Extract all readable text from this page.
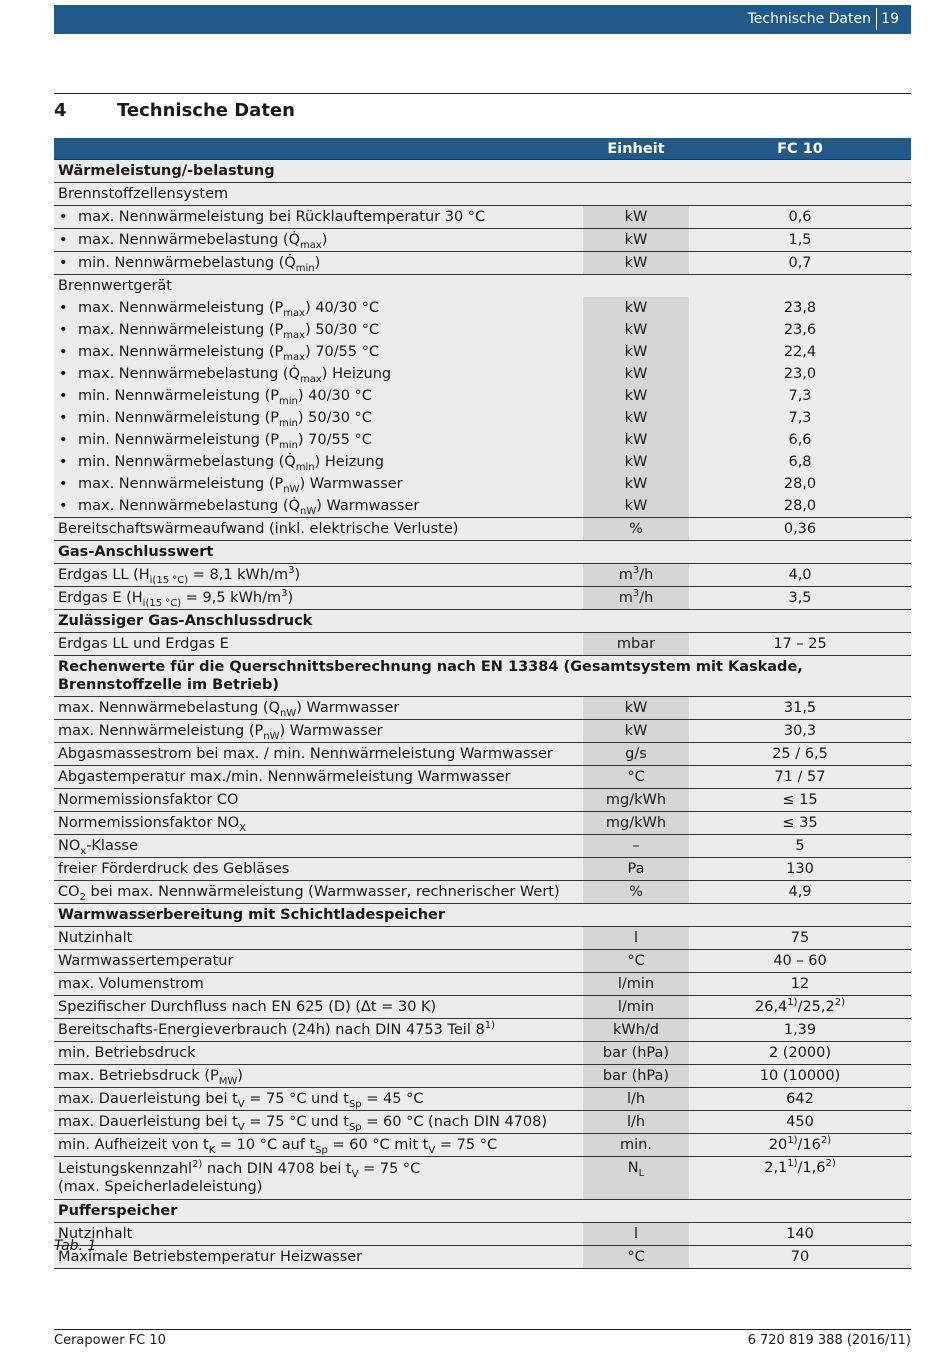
Technische Daten 19
4	Technische Daten
	Einheit	FC 10
Wärmeleistung/-belastung		
Brennstoffzellensystem		
• max. Nennwärmeleistung bei Rücklauftemperatur 30 °C	kW	0,6
• max. Nennwärmebelastung $(Q̇_{max})$	kW	1,5
• min. Nennwärmebelastung $(Q̇_{min})$	kW	0,7
Brennwertgerät		
• max. Nennwärmeleistung $(P_{max})$ 40/30 °C	kW	23,8
• max. Nennwärmeleistung $(P_{max})$ 50/30 °C	kW	23,6
• max. Nennwärmeleistung $(P_{max})$ 70/55 °C	kW	22,4
• max. Nennwärmebelastung $(Q̇_{max})$ Heizung	kW	23,0
• min. Nennwärmeleistung $(P_{min})$ 40/30 °C	kW	7,3
• min. Nennwärmeleistung $(P_{min})$ 50/30 °C	kW	7,3
• min. Nennwärmeleistung $(P_{min})$ 70/55 °C	kW	6,6
• min. Nennwärmebelastung $(Q̇_{min})$ Heizung	kW	6,8
• max. Nennwärmeleistung $(P_{nW})$ Warmwasser	kW	28,0
• max. Nennwärmebelastung $(Q̇_{nW})$ Warmwasser	kW	28,0
Bereitschaftswärmeaufwand (inkl. elektrische Verluste)	%	0,36
Gas-Anschlusswert		
Erdgas LL ($H_{i(15 ^\circ C)} = 8,1$ kWh/$m^3$)	$m^3/h$	4,0
Erdgas E ($H_{i(15 ^\circ C)} = 9,5$ kWh/$m^3$)	$m^3/h$	3,5
Zulässiger Gas-Anschlussdruck		
Erdgas LL und Erdgas E	mbar	17 – 25
Rechenwerte für die Querschnittsberechnung nach EN 13384 (Gesamtsystem mit Kaskade, Brennstoffzelle im Betrieb)		
max. Nennwärmebelastung $(Q_{nW})$ Warmwasser	kW	31,5
max. Nennwärmeleistung $(P_{nW})$ Warmwasser	kW	30,3
Abgasmassestrom bei max. / min. Nennwärmeleistung Warmwasser	g/s	25 / 6,5
Abgastemperatur max./min. Nennwärmeleistung Warmwasser	°C	71 / 57
Normemissionsfaktor CO	mg/kWh	≤ 15
Normemissionsfaktor $NO_X$	mg/kWh	≤ 35
$NO_x$-Klasse	–	5
freier Förderdruck des Gebläses	Pa	130
$CO_2$ bei max. Nennwärmeleistung (Warmwasser, rechnerischer Wert)	%	4,9
Warmwasserbereitung mit Schichtladespeicher		
Nutzinhalt	l	75
Warmwassertemperatur	°C	40 – 60
max. Volumenstrom	l/min	12
Spezifischer Durchfluss nach EN 625 (D) (Δt = 30 K)	l/min	26,4$^{1)}$/25,2$^{2)}$
Bereitschafts-Energieverbrauch (24h) nach DIN 4753 Teil 8$^{1)}$	kWh/d	1,39
min. Betriebsdruck	bar (hPa)	2 (2000)
max. Betriebsdruck $(P_{MW})$	bar (hPa)	10 (10000)
max. Dauerleistung bei $t_V = 75$ °C und $t_{Sp} = 45$ °C	l/h	642
max. Dauerleistung bei $t_V = 75$ °C und $t_{Sp} = 60$ °C (nach DIN 4708)	l/h	450
min. Aufheizeit von $t_K = 10$ °C auf $t_{Sp} = 60$ °C mit $t_V = 75$ °C	min.	20$^{1)}$/16$^{2)}$
Leistungskennzahl$^{2)}$ nach DIN 4708 bei $t_V = 75$ °C
(max. Speicherladeleistung)	$N_L$	2,1$^{1)}$/1,6$^{2)}$
Pufferspeicher		
Nutzinhalt	l	140
Maximale Betriebstemperatur Heizwasser	°C	70
Tab. 1
Cerapower FC 10	6 720 819 388 (2016/11)
